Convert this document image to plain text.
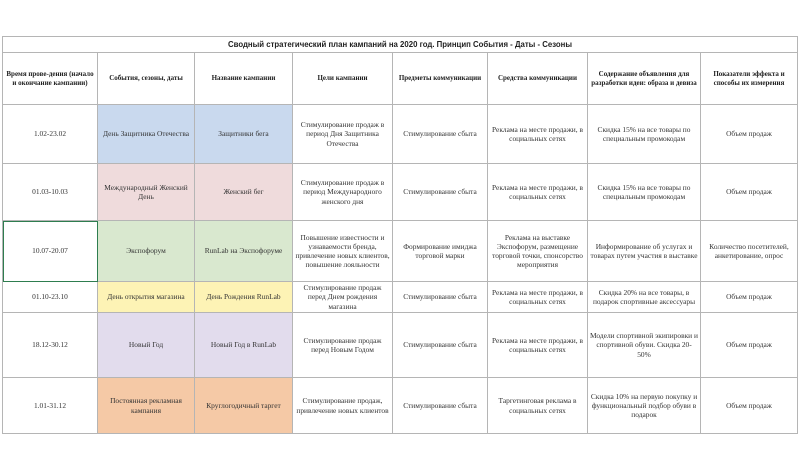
Сводный стратегический план кампаний на 2020 год. Принцип События - Даты - Сезоны							
Время прове-дения (начало и окончание кампании)	События, сезоны, даты	Название кампании	Цели кампании	Предметы коммуникации	Средства коммуникации	Содержание объявления для разработки идеи: образа и девиза	Показатели эффекта и способы их измерения
1.02-23.02	День Защитника Отечества	Защитники бега	Стимулирование продаж в период Дня Защитника Отечества	Стимулирование сбыта	Реклама на месте продажи, в социальных сетях	Скидка 15% на все товары по специальным промокодам	Объем продаж
01.03-10.03	Международный Женский День	Женский бег	Стимулирование продаж в период Международного женского дня	Стимулирование сбыта	Реклама на месте продажи, в социальных сетях	Скидка 15% на все товары по специальным промокодам	Объем продаж
10.07-20.07	Экспофорум	RunLab на Экспофоруме	Повышение известности и узнаваемости бренда, привлечение новых клиентов, повышение лояльности	Формирование имиджа торговой марки	Реклама на выставке Экспофорум, размещение торговой точки, спонсорство мероприятия	Информирование об услугах и товарах путем участия в выставке	Количество посетителей, анкетирование, опрос
01.10-23.10	День открытия магазина	День Рождения RunLab	Стимулирование продаж перед Днем рождения магазина	Стимулирование сбыта	Реклама на месте продажи, в социальных сетях	Скидка 20% на все товары, в подарок спортивные аксессуары	Объем продаж
18.12-30.12	Новый Год	Новый Год в RunLab	Стимулирование продаж перед Новым Годом	Стимулирование сбыта	Реклама на месте продажи, в социальных сетях	Модели спортивной экипировки и спортивной обуви. Скидка 20-50%	Объем продаж
1.01-31.12	Постоянная рекламная кампания	Круглогодичный таргет	Стимулирование продаж, привлечение новых клиентов	Стимулирование сбыта	Таргетинговая реклама в социальных сетях	Скидка 10% на первую покупку и функциональный подбор обуви в подарок	Объем продаж
